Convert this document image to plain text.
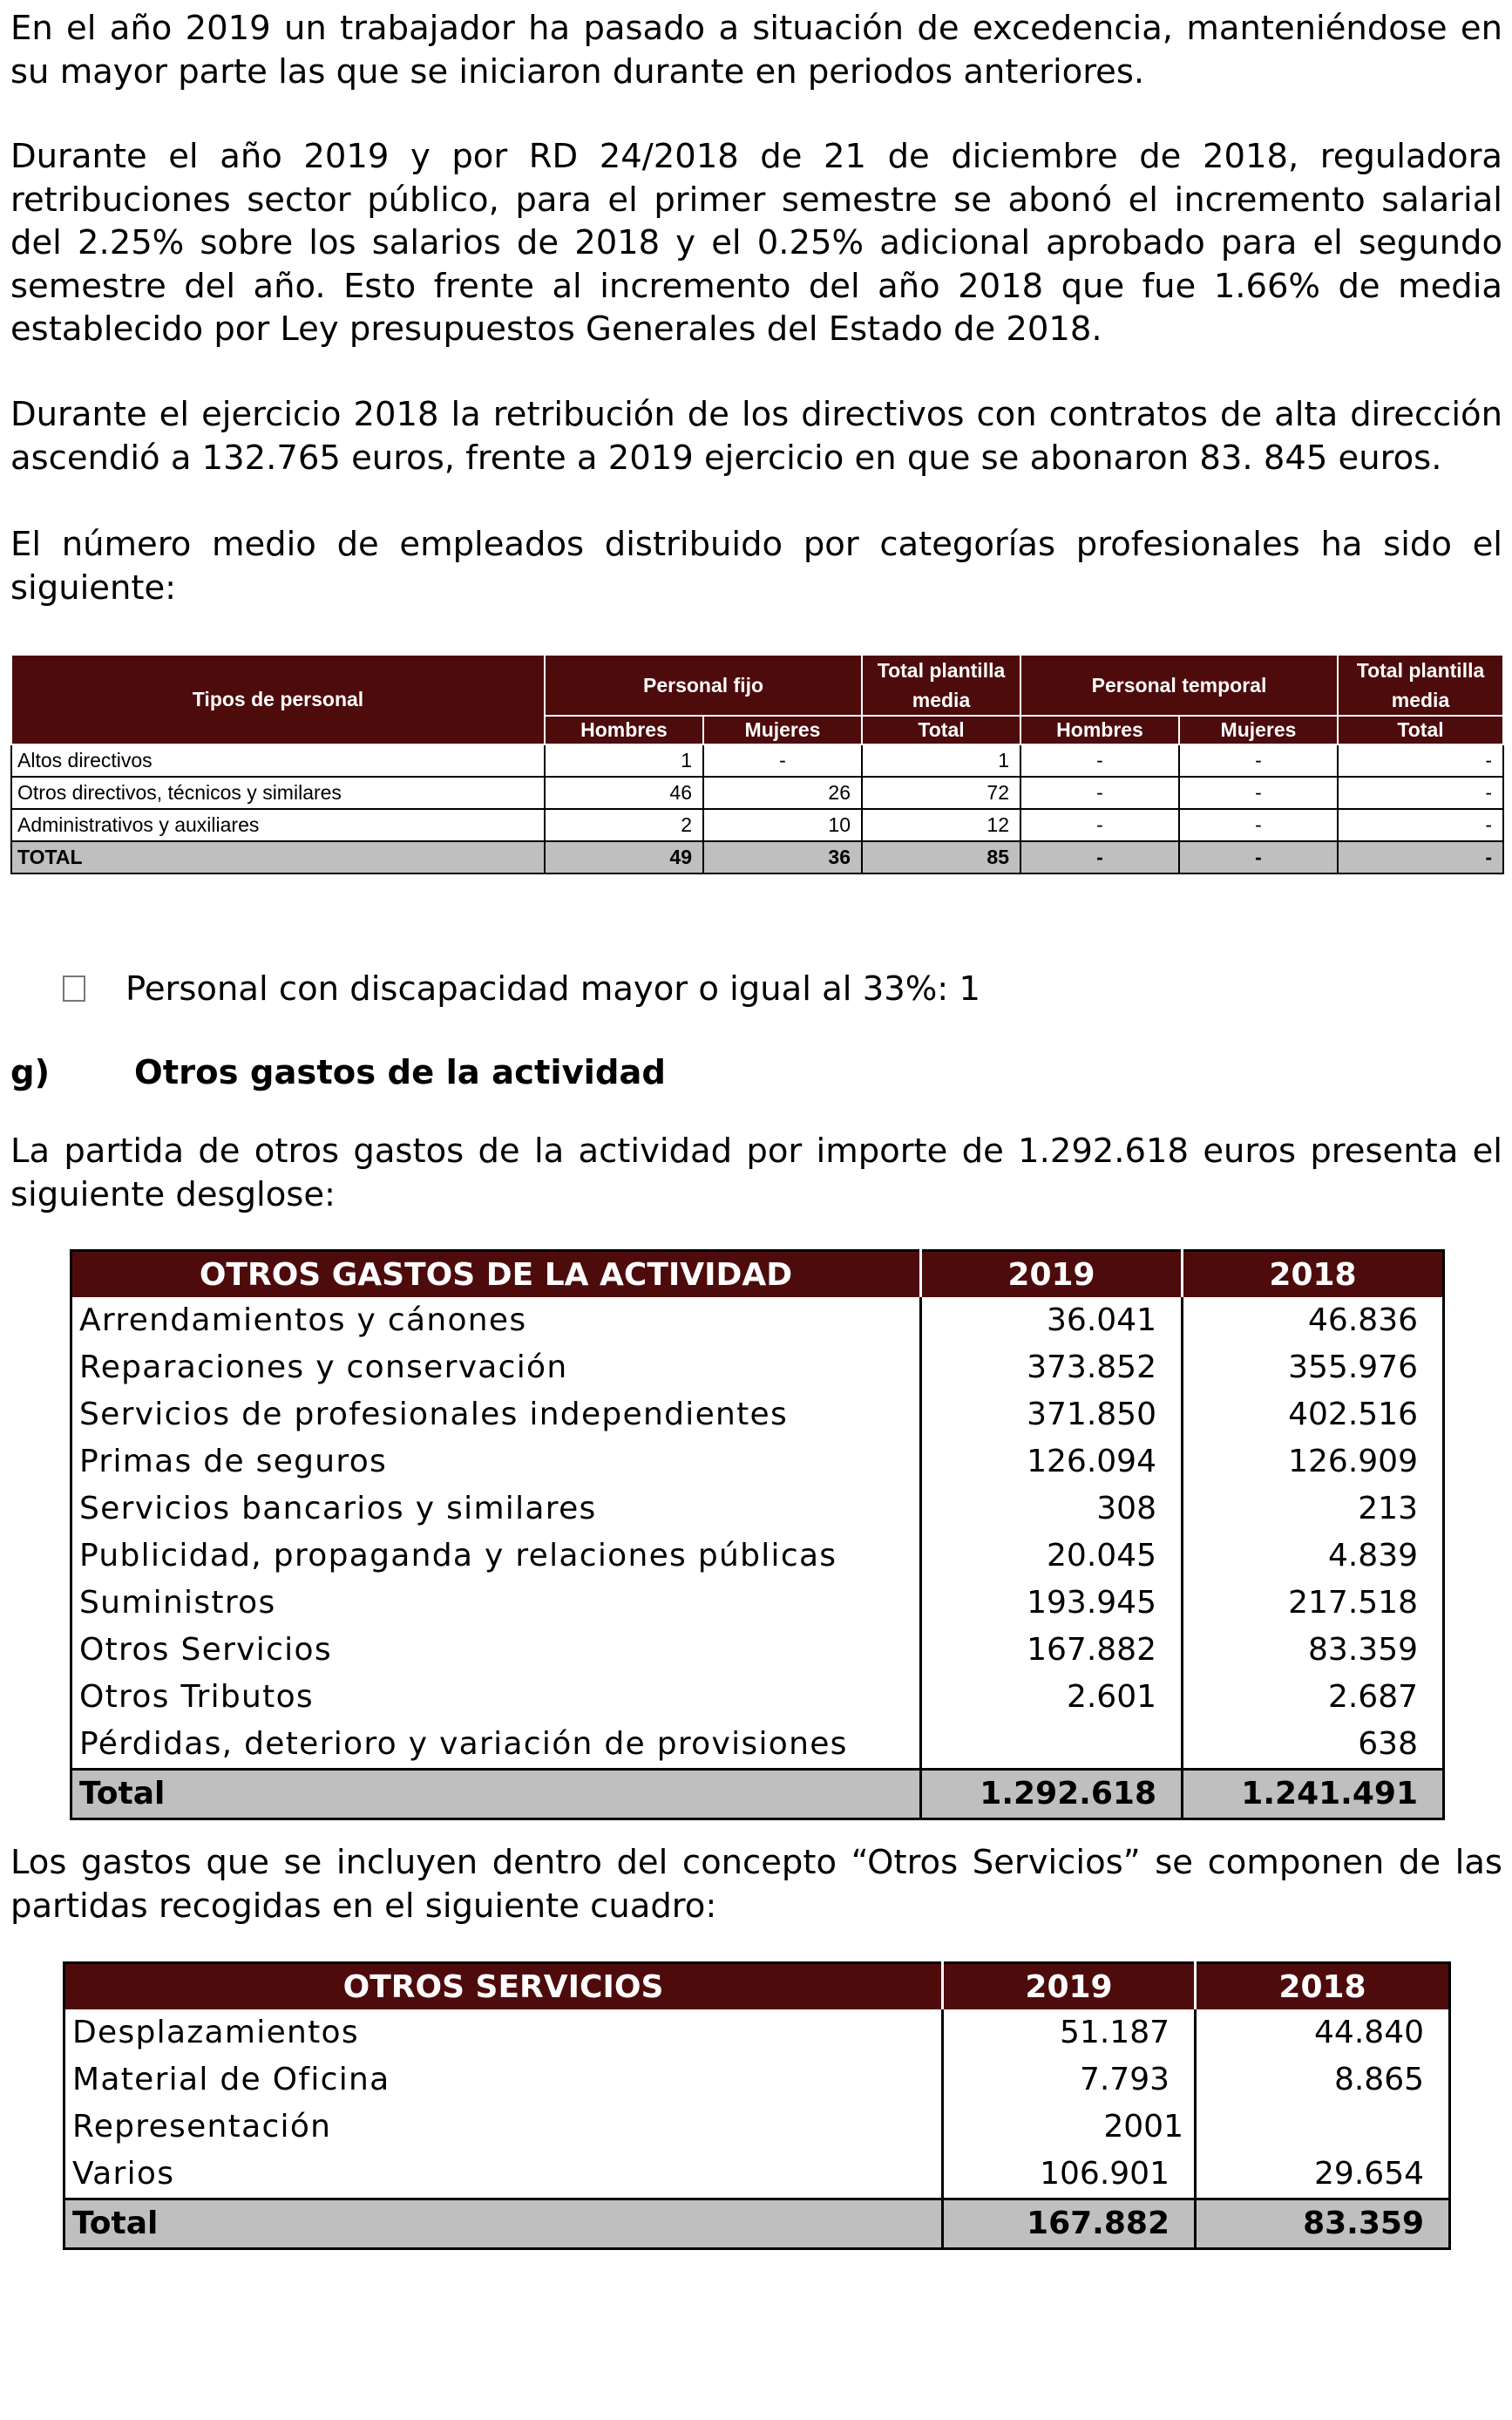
En el año 2019 un trabajador ha pasado a situación de excedencia, manteniéndose en su mayor parte las que se iniciaron durante en periodos anteriores.

Durante el año 2019 y por RD 24/2018 de 21 de diciembre de 2018, reguladora retribuciones sector público, para el primer semestre se abonó el incremento salarial del 2.25% sobre los salarios de 2018 y el 0.25% adicional aprobado para el segundo semestre del año. Esto frente al incremento del año 2018 que fue 1.66% de media establecido por Ley presupuestos Generales del Estado de 2018.

Durante el ejercicio 2018 la retribución de los directivos con contratos de alta dirección ascendió a 132.765 euros, frente a 2019 ejercicio en que se abonaron 83. 845 euros.

El número medio de empleados distribuido por categorías profesionales ha sido el siguiente:

Tipos de personal	Personal fijo		Total plantilla media	Personal temporal		Total plantilla media
	Hombres	Mujeres	Total	Hombres	Mujeres	Total
Altos directivos	1	-	1	-	-	-
Otros directivos, técnicos y similares	46	26	72	-	-	-
Administrativos y auxiliares	2	10	12	-	-	-
TOTAL	49	36	85	-	-	-
Personal con discapacidad mayor o igual al 33%: 1
g)	Otros gastos de la actividad

La partida de otros gastos de la actividad por importe de 1.292.618 euros presenta el siguiente desglose:

OTROS GASTOS DE LA ACTIVIDAD	2019	2018
Arrendamientos y cánones	36.041	46.836
Reparaciones y conservación	373.852	355.976
Servicios de profesionales independientes	371.850	402.516
Primas de seguros	126.094	126.909
Servicios bancarios y similares	308	213
Publicidad, propaganda y relaciones públicas	20.045	4.839
Suministros	193.945	217.518
Otros Servicios	167.882	83.359
Otros Tributos	2.601	2.687
Pérdidas, deterioro y variación de provisiones		638
Total	1.292.618	1.241.491

Los gastos que se incluyen dentro del concepto “Otros Servicios” se componen de las partidas recogidas en el siguiente cuadro:

OTROS SERVICIOS	2019	2018
Desplazamientos	51.187	44.840
Material de Oficina	7.793	8.865
Representación	2001	
Varios	106.901	29.654
Total	167.882	83.359
